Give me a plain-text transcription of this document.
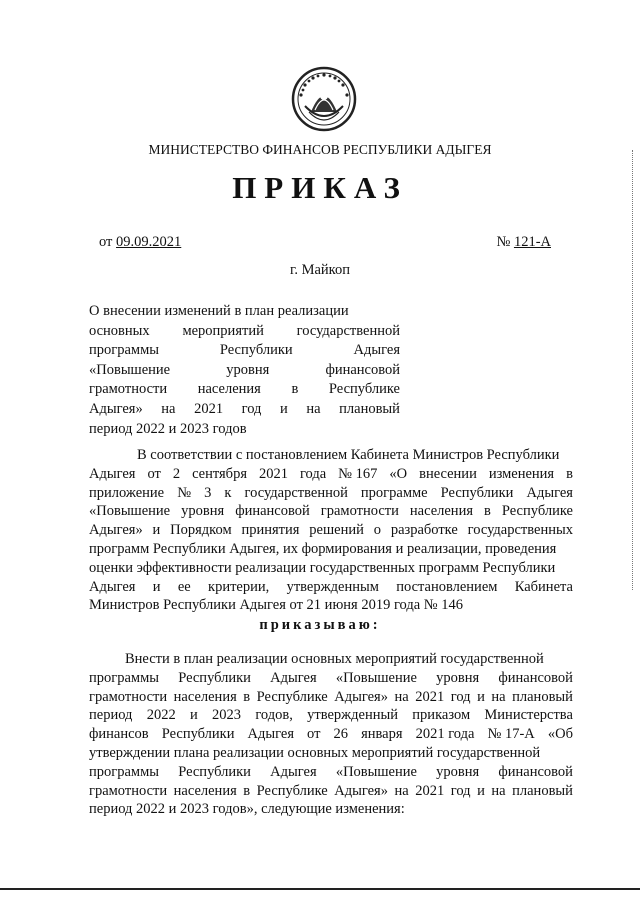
МИНИСТЕРСТВО ФИНАНСОВ РЕСПУБЛИКИ АДЫГЕЯ
ПРИКАЗ
от 09.09.2021	№ 121-А
г. Майкоп
О внесении изменений в план реализации
основных мероприятий государственной
программы	Республики	Адыгея
«Повышение	уровня	финансовой
грамотности населения в Республике
Адыгея» на 2021 год и на плановый
период 2022 и 2023 годов
В соответствии с постановлением Кабинета Министров Республики
Адыгея от 2 сентября 2021 года № 167 «О внесении изменения в
приложение № 3 к государственной программе Республики Адыгея
«Повышение уровня финансовой грамотности населения в Республике
Адыгея» и Порядком принятия решений о разработке государственных
программ Республики Адыгея, их формирования и реализации, проведения
оценки эффективности реализации государственных программ Республики
Адыгея и ее критерии, утвержденным постановлением Кабинета
Министров Республики Адыгея от 21 июня 2019 года № 146
приказываю:
Внести в план реализации основных мероприятий государственной
программы Республики Адыгея «Повышение уровня финансовой
грамотности населения в Республике Адыгея» на 2021 год и на плановый
период 2022 и 2023 годов, утвержденный приказом Министерства
финансов Республики Адыгея от 26 января 2021 года № 17-А «Об
утверждении плана реализации основных мероприятий государственной
программы Республики Адыгея «Повышение уровня финансовой
грамотности населения в Республике Адыгея» на 2021 год и на плановый
период 2022 и 2023 годов», следующие изменения:
